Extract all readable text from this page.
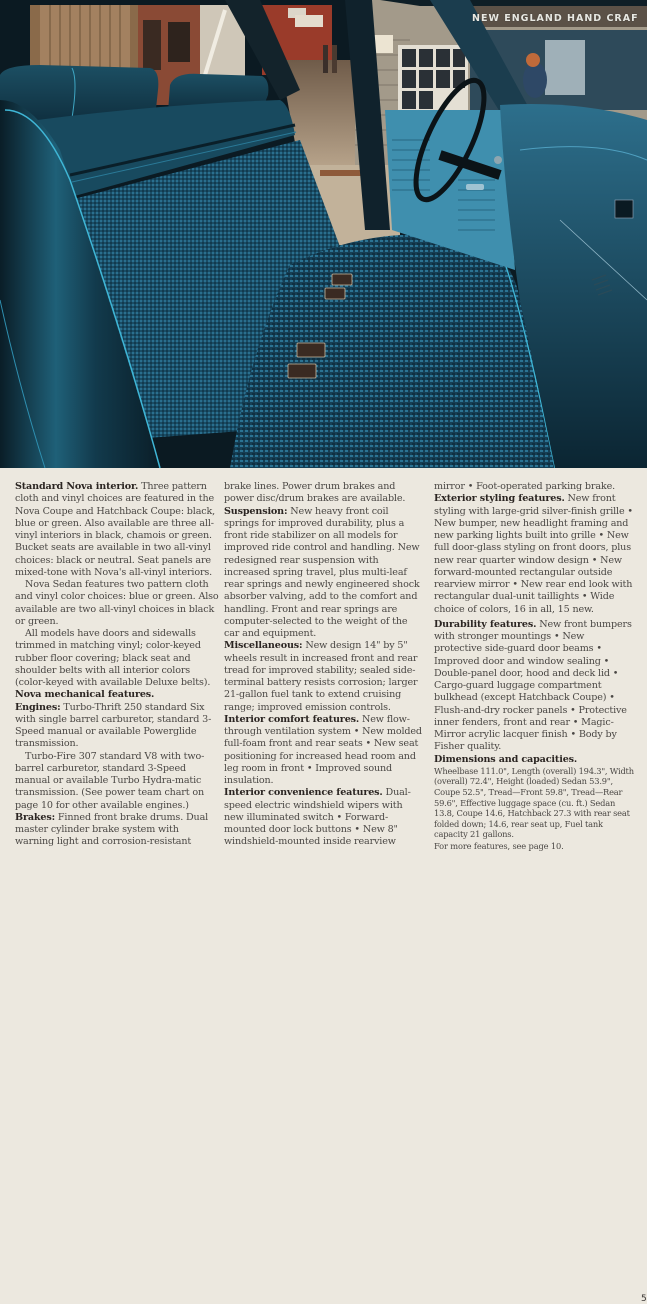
NEW ENGLAND HAND CRAF

Standard Nova interior. Three pattern cloth and vinyl choices are featured in the Nova Coupe and Hatchback Coupe: black, blue or green. Also available are three all-vinyl interiors in black, chamois or green. Bucket seats are available in two all-vinyl choices: black or neutral. Seat panels are mixed-tone with Nova's all-vinyl interiors.

Nova Sedan features two pattern cloth and vinyl color choices: blue or green. Also available are two all-vinyl choices in black or green.

All models have doors and sidewalls trimmed in matching vinyl; color-keyed rubber floor covering; black seat and shoulder belts with all interior colors (color-keyed with available Deluxe belts).

Nova mechanical features.

Engines: Turbo-Thrift 250 standard Six with single barrel carburetor, standard 3-Speed manual or available Powerglide transmission.

Turbo-Fire 307 standard V8 with two-barrel carburetor, standard 3-Speed manual or available Turbo Hydra-matic transmission. (See power team chart on page 10 for other available engines.)

Brakes: Finned front brake drums. Dual master cylinder brake system with warning light and corrosion-resistant

brake lines. Power drum brakes and power disc/drum brakes are available.

Suspension: New heavy front coil springs for improved durability, plus a front ride stabilizer on all models for improved ride control and handling. New redesigned rear suspension with increased spring travel, plus multi-leaf rear springs and newly engineered shock absorber valving, add to the comfort and handling. Front and rear springs are computer-selected to the weight of the car and equipment.

Miscellaneous: New design 14" by 5" wheels result in increased front and rear tread for improved stability; sealed side-terminal battery resists corrosion; larger 21-gallon fuel tank to extend cruising range; improved emission controls.

Interior comfort features. New flow-through ventilation system • New molded full-foam front and rear seats • New seat positioning for increased head room and leg room in front • Improved sound insulation.

Interior convenience features. Dual-speed electric windshield wipers with new illuminated switch • Forward-mounted door lock buttons • New 8" windshield-mounted inside rearview

mirror • Foot-operated parking brake.

Exterior styling features. New front styling with large-grid silver-finish grille • New bumper, new headlight framing and new parking lights built into grille • New full door-glass styling on front doors, plus new rear quarter window design • New forward-mounted rectangular outside rearview mirror • New rear end look with rectangular dual-unit taillights • Wide choice of colors, 16 in all, 15 new.

Durability features. New front bumpers with stronger mountings • New protective side-guard door beams • Improved door and window sealing • Double-panel door, hood and deck lid • Cargo-guard luggage compartment bulkhead (except Hatchback Coupe) • Flush-and-dry rocker panels • Protective inner fenders, front and rear • Magic-Mirror acrylic lacquer finish • Body by Fisher quality.

Dimensions and capacities.

Wheelbase 111.0", Length (overall) 194.3", Width (overall) 72.4", Height (loaded) Sedan 53.9", Coupe 52.5", Tread—Front 59.8", Tread—Rear 59.6", Effective luggage space (cu. ft.) Sedan 13.8, Coupe 14.6, Hatchback 27.3 with rear seat folded down; 14.6, rear seat up, Fuel tank capacity 21 gallons.

For more features, see page 10.

5
